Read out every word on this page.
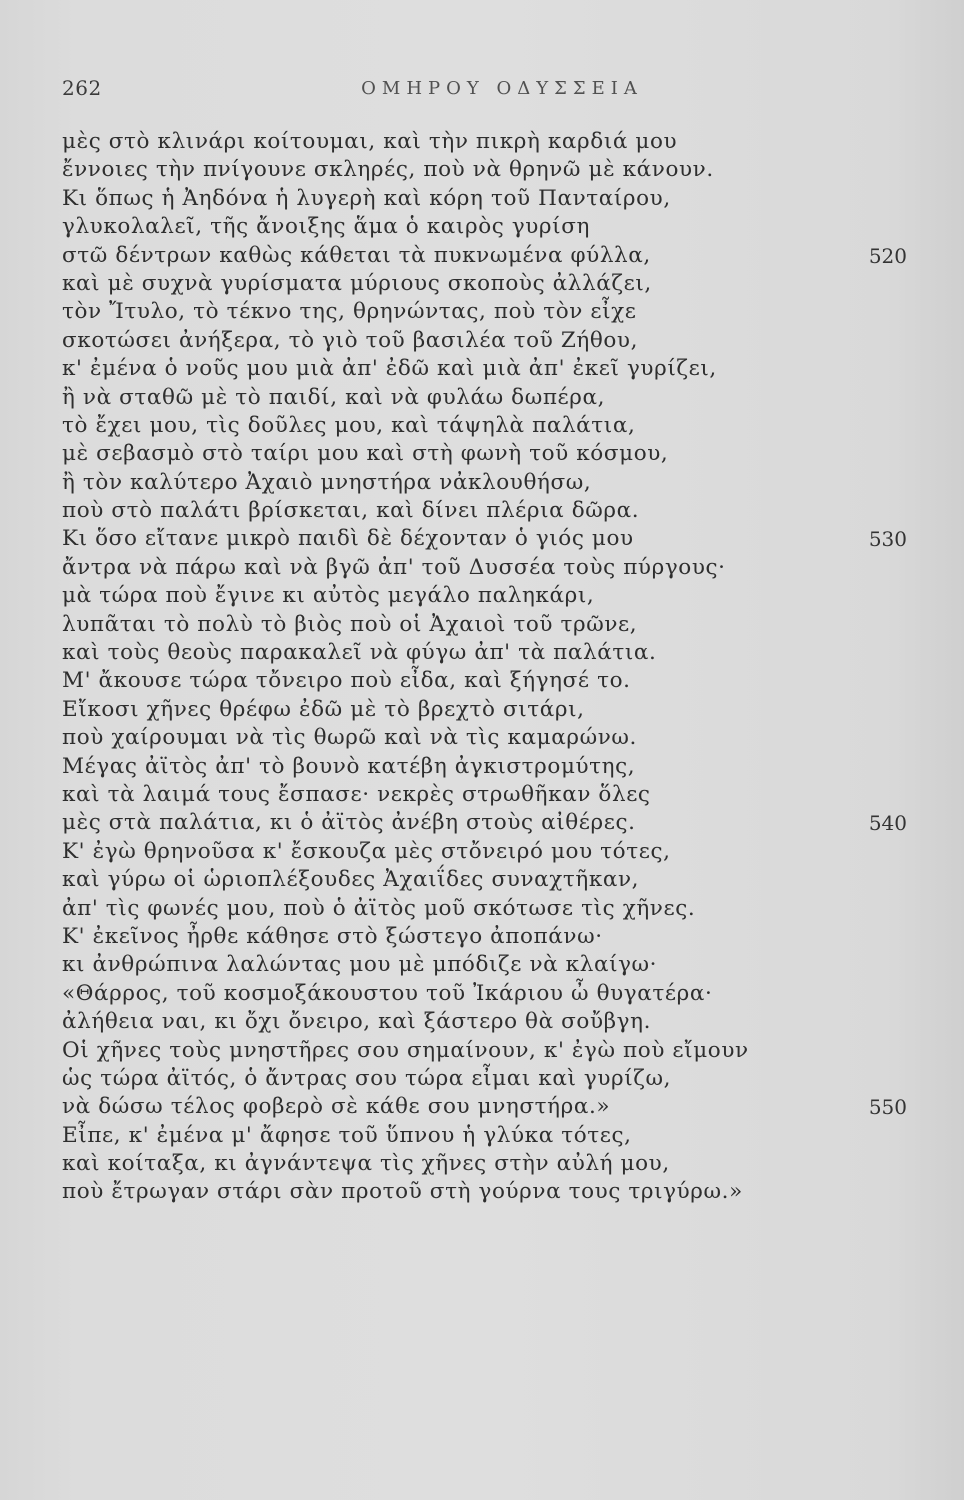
262	ΟΜΗΡΟΥ ΟΔΥΣΣΕΙΑ
μὲς στὸ κλινάρι κοίτουμαι, καὶ τὴν πικρὴ καρδιά μου
ἔννοιες τὴν πνίγουνε σκληρές, ποὺ νὰ θρηνῶ μὲ κάνουν.
Κι ὅπως ἡ Ἀηδόνα ἡ λυγερὴ καὶ κόρη τοῦ Πανταίρου,
γλυκολαλεῖ, τῆς ἄνοιξης ἅμα ὁ καιρὸς γυρίση
στῶ δέντρων καθὼς κάθεται τὰ πυκνωμένα φύλλα,	520
καὶ μὲ συχνὰ γυρίσματα μύριους σκοποὺς ἀλλάζει,
τὸν Ἴτυλο, τὸ τέκνο της, θρηνώντας, ποὺ τὸν εἶχε
σκοτώσει ἀνήξερα, τὸ γιὸ τοῦ βασιλέα τοῦ Ζήθου,
κ' ἐμένα ὁ νοῦς μου μιὰ ἀπ' ἐδῶ καὶ μιὰ ἀπ' ἐκεῖ γυρίζει,
ἢ νὰ σταθῶ μὲ τὸ παιδί, καὶ νὰ φυλάω δωπέρα,
τὸ ἔχει μου, τὶς δοῦλες μου, καὶ τάψηλὰ παλάτια,
μὲ σεβασμὸ στὸ ταίρι μου καὶ στὴ φωνὴ τοῦ κόσμου,
ἢ τὸν καλύτερο Ἀχαιὸ μνηστήρα νἀκλουθήσω,
ποὺ στὸ παλάτι βρίσκεται, καὶ δίνει πλέρια δῶρα.
Κι ὅσο εἴτανε μικρὸ παιδὶ δὲ δέχονταν ὁ γιός μου	530
ἄντρα νὰ πάρω καὶ νὰ βγῶ ἀπ' τοῦ Δυσσέα τοὺς πύργους·
μὰ τώρα ποὺ ἔγινε κι αὐτὸς μεγάλο παληκάρι,
λυπᾶται τὸ πολὺ τὸ βιὸς ποὺ οἱ Ἀχαιοὶ τοῦ τρῶνε,
καὶ τοὺς θεοὺς παρακαλεῖ νὰ φύγω ἀπ' τὰ παλάτια.
Μ' ἄκουσε τώρα τὄνειρο ποὺ εἶδα, καὶ ξήγησέ το.
Εἴκοσι χῆνες θρέφω ἐδῶ μὲ τὸ βρεχτὸ σιτάρι,
ποὺ χαίρουμαι νὰ τὶς θωρῶ καὶ νὰ τὶς καμαρώνω.
Μέγας ἀϊτὸς ἀπ' τὸ βουνὸ κατέβη ἀγκιστρομύτης,
καὶ τὰ λαιμά τους ἔσπασε· νεκρὲς στρωθῆκαν ὅλες
μὲς στὰ παλάτια, κι ὁ ἀϊτὸς ἀνέβη στοὺς αἰθέρες.	540
Κ' ἐγὼ θρηνοῦσα κ' ἔσκουζα μὲς στὄνειρό μου τότες,
καὶ γύρω οἱ ὡριοπλέξουδες Ἀχαιΐδες συναχτῆκαν,
ἀπ' τὶς φωνές μου, ποὺ ὁ ἀϊτὸς μοῦ σκότωσε τὶς χῆνες.
Κ' ἐκεῖνος ἦρθε κάθησε στὸ ξώστεγο ἀποπάνω·
κι ἀνθρώπινα λαλώντας μου μὲ μπόδιζε νὰ κλαίγω·
«Θάρρος, τοῦ κοσμοξάκουστου τοῦ Ἰκάριου ὦ θυγατέρα·
ἀλήθεια ναι, κι ὄχι ὄνειρο, καὶ ξάστερο θὰ σοὔβγη.
Οἱ χῆνες τοὺς μνηστῆρες σου σημαίνουν, κ' ἐγὼ ποὺ εἴμουν
ὡς τώρα ἀϊτός, ὁ ἄντρας σου τώρα εἶμαι καὶ γυρίζω,
νὰ δώσω τέλος φοβερὸ σὲ κάθε σου μνηστήρα.»	550
Εἶπε, κ' ἐμένα μ' ἄφησε τοῦ ὕπνου ἡ γλύκα τότες,
καὶ κοίταξα, κι ἀγνάντεψα τὶς χῆνες στὴν αὐλή μου,
ποὺ ἔτρωγαν στάρι σὰν προτοῦ στὴ γούρνα τους τριγύρω.»
